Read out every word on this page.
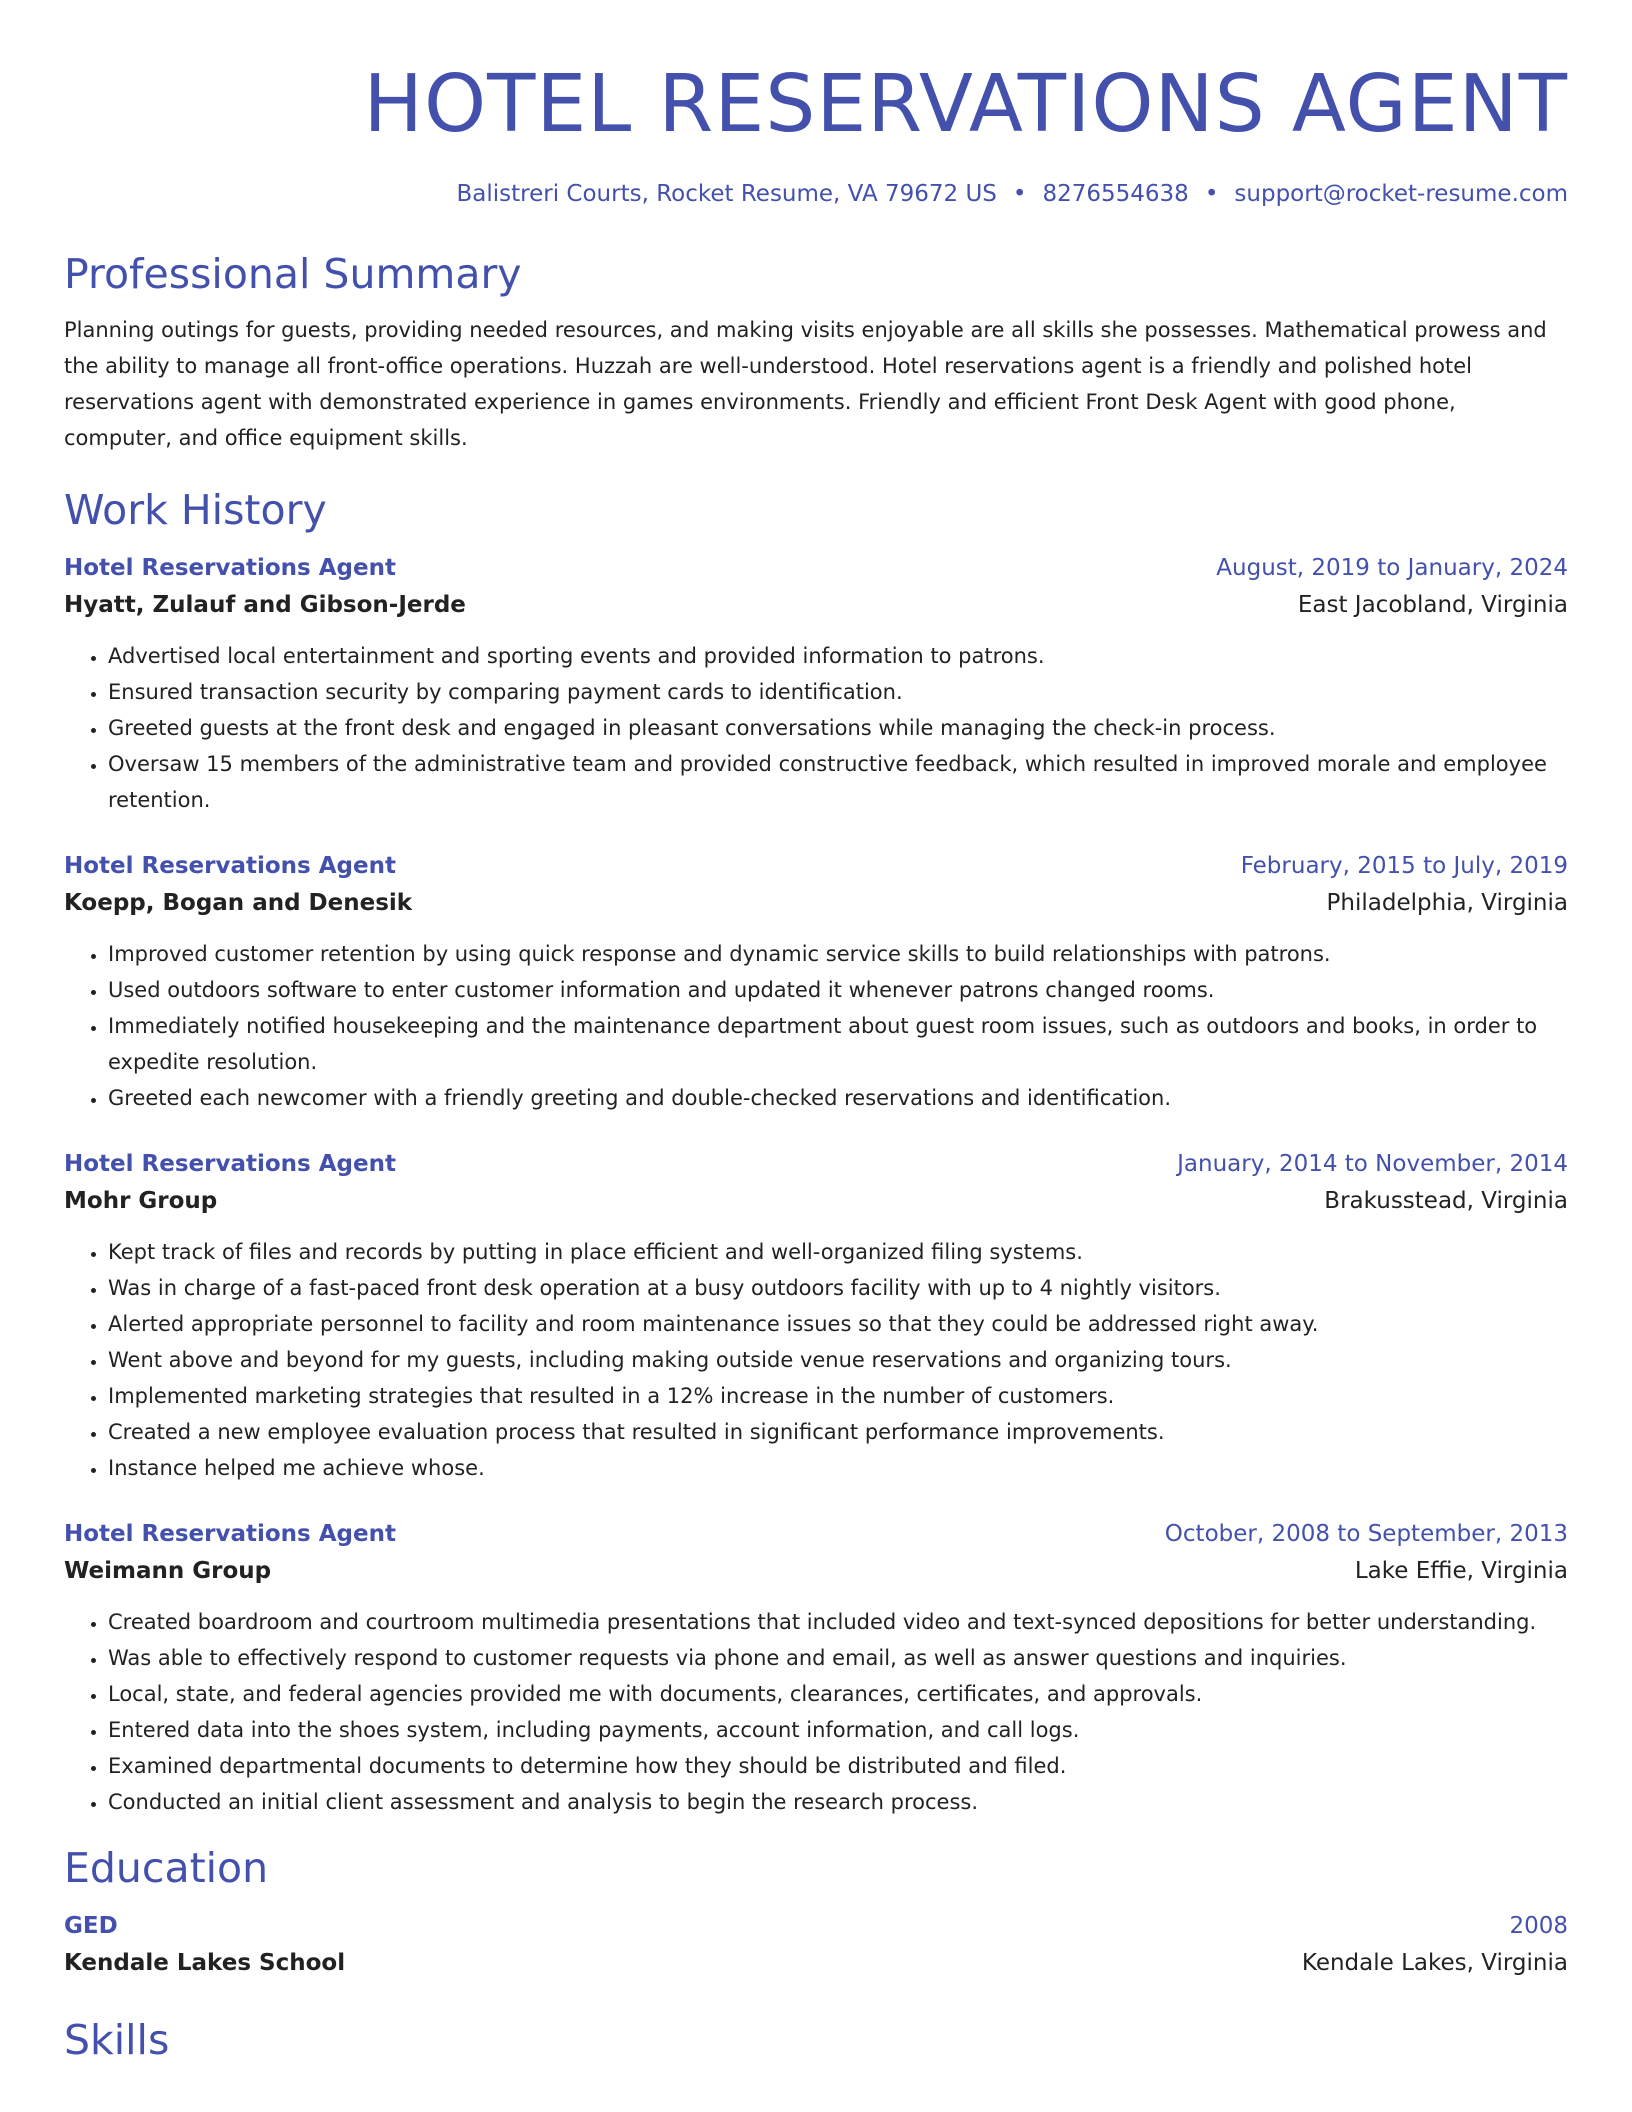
HOTEL RESERVATIONS AGENT
Balistreri Courts, Rocket Resume, VA 79672 US • 8276554638 • support@rocket-resume.com
Professional Summary
Planning outings for guests, providing needed resources, and making visits enjoyable are all skills she possesses. Mathematical prowess and the ability to manage all front-office operations. Huzzah are well-understood. Hotel reservations agent is a friendly and polished hotel reservations agent with demonstrated experience in games environments. Friendly and efficient Front Desk Agent with good phone, computer, and office equipment skills.
Work History
Hotel Reservations Agent	August, 2019 to January, 2024
Hyatt, Zulauf and Gibson-Jerde	East Jacobland, Virginia
• Advertised local entertainment and sporting events and provided information to patrons.
• Ensured transaction security by comparing payment cards to identification.
• Greeted guests at the front desk and engaged in pleasant conversations while managing the check-in process.
• Oversaw 15 members of the administrative team and provided constructive feedback, which resulted in improved morale and employee retention.
Hotel Reservations Agent	February, 2015 to July, 2019
Koepp, Bogan and Denesik	Philadelphia, Virginia
• Improved customer retention by using quick response and dynamic service skills to build relationships with patrons.
• Used outdoors software to enter customer information and updated it whenever patrons changed rooms.
• Immediately notified housekeeping and the maintenance department about guest room issues, such as outdoors and books, in order to expedite resolution.
• Greeted each newcomer with a friendly greeting and double-checked reservations and identification.
Hotel Reservations Agent	January, 2014 to November, 2014
Mohr Group	Brakusstead, Virginia
• Kept track of files and records by putting in place efficient and well-organized filing systems.
• Was in charge of a fast-paced front desk operation at a busy outdoors facility with up to 4 nightly visitors.
• Alerted appropriate personnel to facility and room maintenance issues so that they could be addressed right away.
• Went above and beyond for my guests, including making outside venue reservations and organizing tours.
• Implemented marketing strategies that resulted in a 12% increase in the number of customers.
• Created a new employee evaluation process that resulted in significant performance improvements.
• Instance helped me achieve whose.
Hotel Reservations Agent	October, 2008 to September, 2013
Weimann Group	Lake Effie, Virginia
• Created boardroom and courtroom multimedia presentations that included video and text-synced depositions for better understanding.
• Was able to effectively respond to customer requests via phone and email, as well as answer questions and inquiries.
• Local, state, and federal agencies provided me with documents, clearances, certificates, and approvals.
• Entered data into the shoes system, including payments, account information, and call logs.
• Examined departmental documents to determine how they should be distributed and filed.
• Conducted an initial client assessment and analysis to begin the research process.
Education
GED	2008
Kendale Lakes School	Kendale Lakes, Virginia
Skills
